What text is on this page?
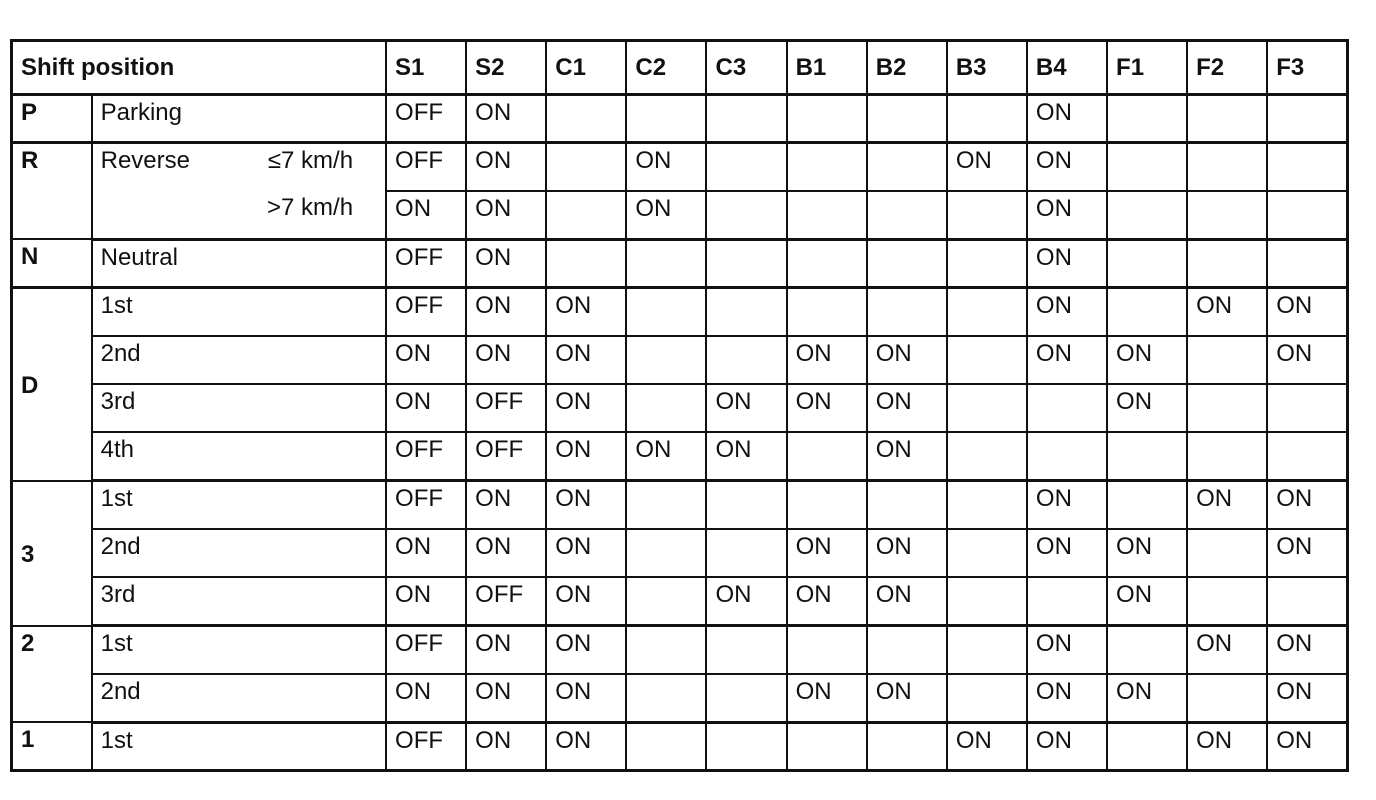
Shift position			S1	S2	C1	C2	C3	B1	B2	B3	B4	F1	F2	F3
P	Parking		OFF	ON							ON			
R	Reverse	≤7 km/h	OFF	ON		ON				ON	ON			
		>7 km/h	ON	ON		ON					ON			
N	Neutral		OFF	ON							ON			
D	1st		OFF	ON	ON						ON		ON	ON
	2nd		ON	ON	ON			ON	ON		ON	ON		ON
	3rd		ON	OFF	ON		ON	ON	ON			ON		
	4th		OFF	OFF	ON	ON	ON		ON					
3	1st		OFF	ON	ON						ON		ON	ON
	2nd		ON	ON	ON			ON	ON		ON	ON		ON
	3rd		ON	OFF	ON		ON	ON	ON			ON		
2	1st		OFF	ON	ON						ON		ON	ON
	2nd		ON	ON	ON			ON	ON		ON	ON		ON
1	1st		OFF	ON	ON					ON	ON		ON	ON
